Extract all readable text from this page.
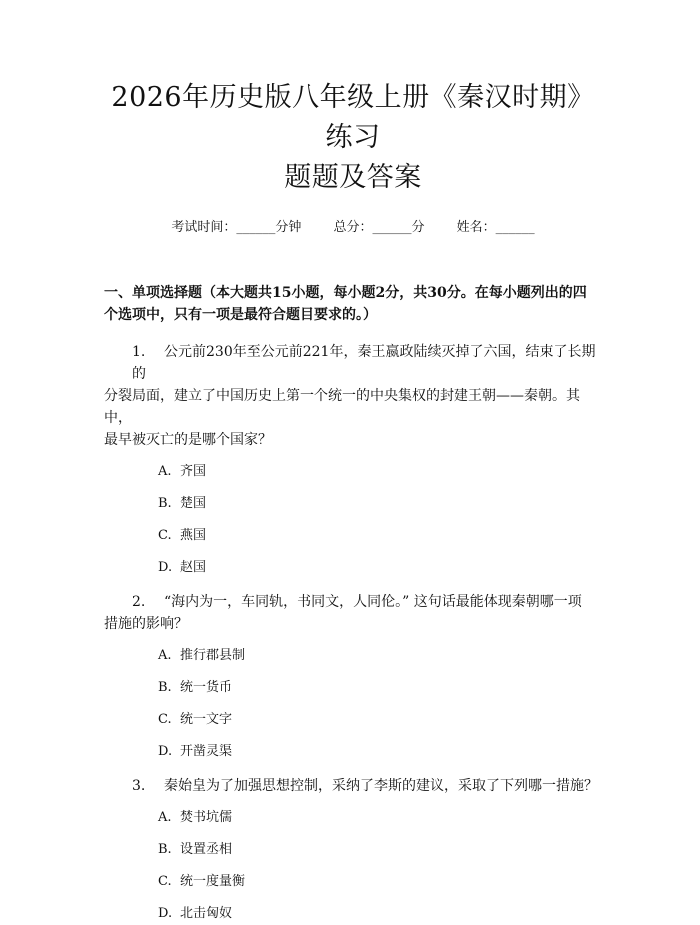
2026年历史版八年级上册《秦汉时期》练习
题题及答案
考试时间：______分钟 总分：______分 姓名：______
一、单项选择题（本大题共15小题，每小题2分，共30分。在每小题列出的四
个选项中，只有一项是最符合题目要求的。）
1. 公元前230年至公元前221年，秦王嬴政陆续灭掉了六国，结束了长期的
分裂局面，建立了中国历史上第一个统一的中央集权的封建王朝——秦朝。其中，
最早被灭亡的是哪个国家？
A. 齐国
B. 楚国
C. 燕国
D. 赵国
2. “海内为一，车同轨，书同文，人同伦。” 这句话最能体现秦朝哪一项
措施的影响？
A. 推行郡县制
B. 统一货币
C. 统一文字
D. 开凿灵渠
3. 秦始皇为了加强思想控制，采纳了李斯的建议，采取了下列哪一措施？
A. 焚书坑儒
B. 设置丞相
C. 统一度量衡
D. 北击匈奴
